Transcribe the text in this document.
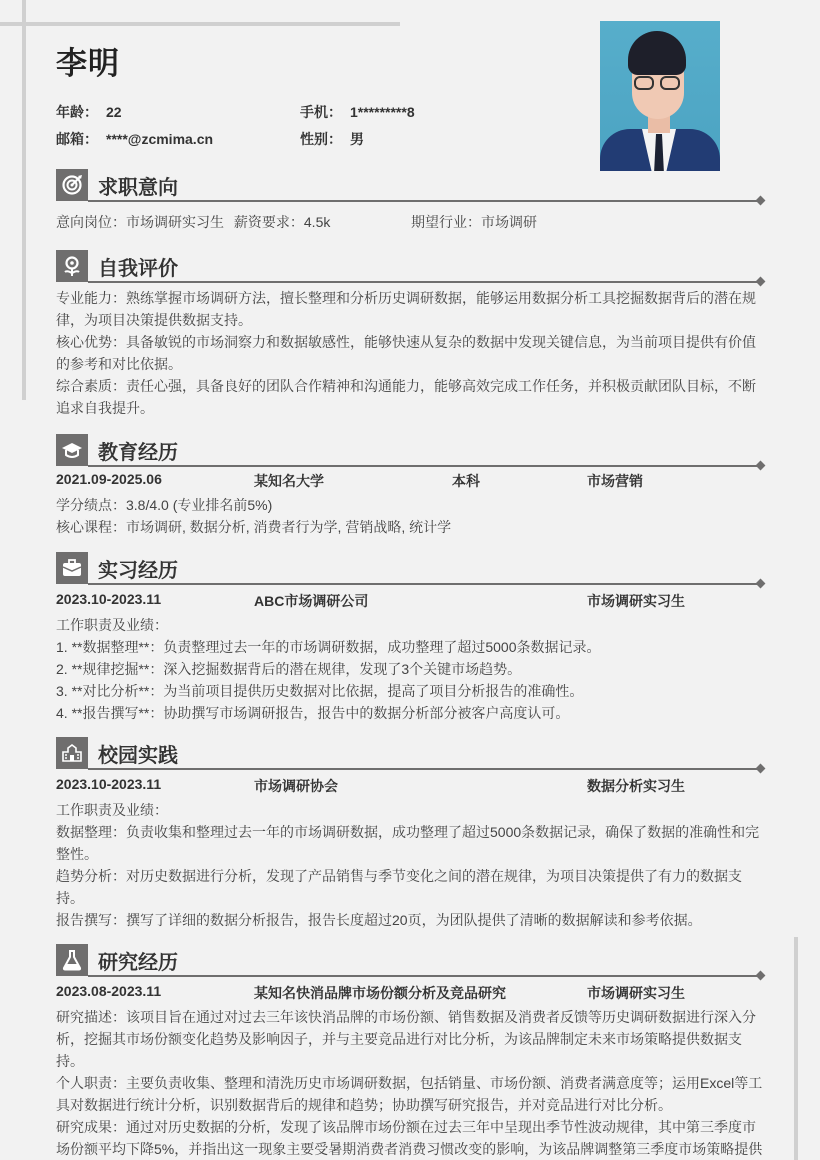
李明
年龄： 22	手机： 1*********8
邮箱： ****@zcmima.cn	性别： 男
求职意向
意向岗位：市场调研实习生 薪资要求：4.5k	期望行业：市场调研
自我评价

专业能力：熟练掌握市场调研方法，擅长整理和分析历史调研数据，能够运用数据分析工具挖掘数据背后的潜在规律，为项目决策提供数据支持。

核心优势：具备敏锐的市场洞察力和数据敏感性，能够快速从复杂的数据中发现关键信息，为当前项目提供有价值的参考和对比依据。

综合素质：责任心强，具备良好的团队合作精神和沟通能力，能够高效完成工作任务，并积极贡献团队目标，不断追求自我提升。

教育经历
2021.09-2025.06	某知名大学	本科	市场营销

学分绩点：3.8/4.0 (专业排名前5%)

核心课程：市场调研, 数据分析, 消费者行为学, 营销战略, 统计学

实习经历
2023.10-2023.11	ABC市场调研公司	市场调研实习生

工作职责及业绩：

1. **数据整理**：负责整理过去一年的市场调研数据，成功整理了超过5000条数据记录。

2. **规律挖掘**：深入挖掘数据背后的潜在规律，发现了3个关键市场趋势。

3. **对比分析**：为当前项目提供历史数据对比依据，提高了项目分析报告的准确性。

4. **报告撰写**：协助撰写市场调研报告，报告中的数据分析部分被客户高度认可。

校园实践
2023.10-2023.11	市场调研协会	数据分析实习生

工作职责及业绩：

数据整理：负责收集和整理过去一年的市场调研数据，成功整理了超过5000条数据记录，确保了数据的准确性和完整性。

趋势分析：对历史数据进行分析，发现了产品销售与季节变化之间的潜在规律，为项目决策提供了有力的数据支持。

报告撰写：撰写了详细的数据分析报告，报告长度超过20页，为团队提供了清晰的数据解读和参考依据。

研究经历
2023.08-2023.11	某知名快消品牌市场份额分析及竞品研究	市场调研实习生

研究描述：该项目旨在通过对过去三年该快消品牌的市场份额、销售数据及消费者反馈等历史调研数据进行深入分析，挖掘其市场份额变化趋势及影响因子，并与主要竞品进行对比分析，为该品牌制定未来市场策略提供数据支持。

个人职责：主要负责收集、整理和清洗历史市场调研数据，包括销量、市场份额、消费者满意度等；运用Excel等工具对数据进行统计分析，识别数据背后的规律和趋势；协助撰写研究报告，并对竞品进行对比分析。

研究成果：通过对历史数据的分析，发现了该品牌市场份额在过去三年中呈现出季节性波动规律，其中第三季度市场份额平均下降5%，并指出这一现象主要受暑期消费者消费习惯改变的影响，为该品牌调整第三季度市场策略提供
